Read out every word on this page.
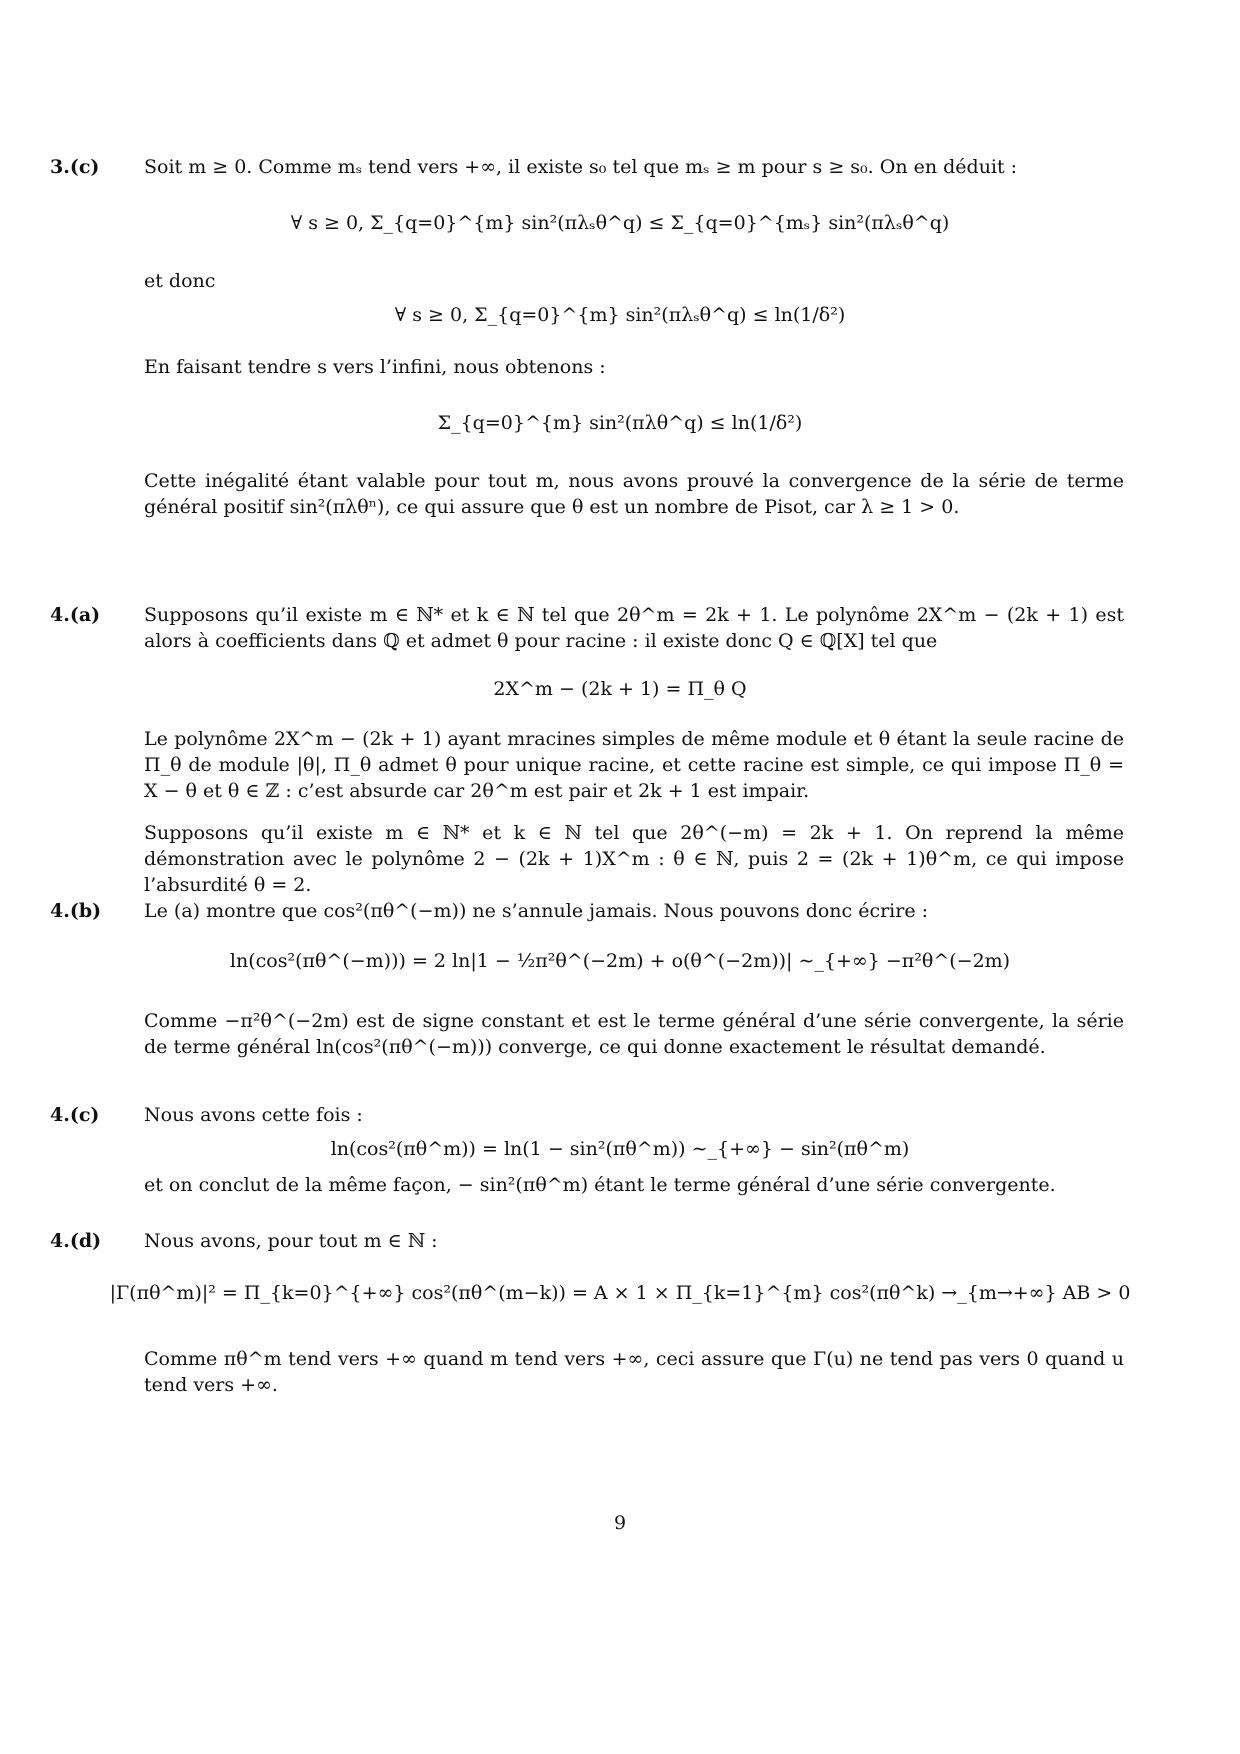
3.(c) Soit m ≥ 0. Comme mₛ tend vers +∞, il existe s₀ tel que mₛ ≥ m pour s ≥ s₀. On en déduit :

∀ s ≥ 0, Σ_{q=0}^{m} sin²(πλₛθ^q) ≤ Σ_{q=0}^{mₛ} sin²(πλₛθ^q)

et donc

∀ s ≥ 0, Σ_{q=0}^{m} sin²(πλₛθ^q) ≤ ln(1/δ²)

En faisant tendre s vers l’infini, nous obtenons :

Σ_{q=0}^{m} sin²(πλθ^q) ≤ ln(1/δ²)

Cette inégalité étant valable pour tout m, nous avons prouvé la convergence de la série de terme général positif sin²(πλθⁿ), ce qui assure que θ est un nombre de Pisot, car λ ≥ 1 > 0.

4.(a) Supposons qu’il existe m ∈ ℕ* et k ∈ ℕ tel que 2θ^m = 2k + 1. Le polynôme 2X^m − (2k + 1) est alors à coefficients dans ℚ et admet θ pour racine : il existe donc Q ∈ ℚ[X] tel que

2X^m − (2k + 1) = Π_θ Q

Le polynôme 2X^m − (2k + 1) ayant mracines simples de même module et θ étant la seule racine de Π_θ de module |θ|, Π_θ admet θ pour unique racine, et cette racine est simple, ce qui impose Π_θ = X − θ et θ ∈ ℤ : c’est absurde car 2θ^m est pair et 2k + 1 est impair.

Supposons qu’il existe m ∈ ℕ* et k ∈ ℕ tel que 2θ^(−m) = 2k + 1. On reprend la même démonstration avec le polynôme 2 − (2k + 1)X^m : θ ∈ ℕ, puis 2 = (2k + 1)θ^m, ce qui impose l’absurdité θ = 2.

4.(b) Le (a) montre que cos²(πθ^(−m)) ne s’annule jamais. Nous pouvons donc écrire :

ln(cos²(πθ^(−m))) = 2 ln|1 − ½π²θ^(−2m) + o(θ^(−2m))| ∼_{+∞} −π²θ^(−2m)

Comme −π²θ^(−2m) est de signe constant et est le terme général d’une série convergente, la série de terme général ln(cos²(πθ^(−m))) converge, ce qui donne exactement le résultat demandé.

4.(c) Nous avons cette fois :

ln(cos²(πθ^m)) = ln(1 − sin²(πθ^m)) ∼_{+∞} − sin²(πθ^m)

et on conclut de la même façon, − sin²(πθ^m) étant le terme général d’une série convergente.

4.(d) Nous avons, pour tout m ∈ ℕ :

|Γ(πθ^m)|² = Π_{k=0}^{+∞} cos²(πθ^(m−k)) = A × 1 × Π_{k=1}^{m} cos²(πθ^k) →_{m→+∞} AB > 0

Comme πθ^m tend vers +∞ quand m tend vers +∞, ceci assure que Γ(u) ne tend pas vers 0 quand u tend vers +∞.

9
